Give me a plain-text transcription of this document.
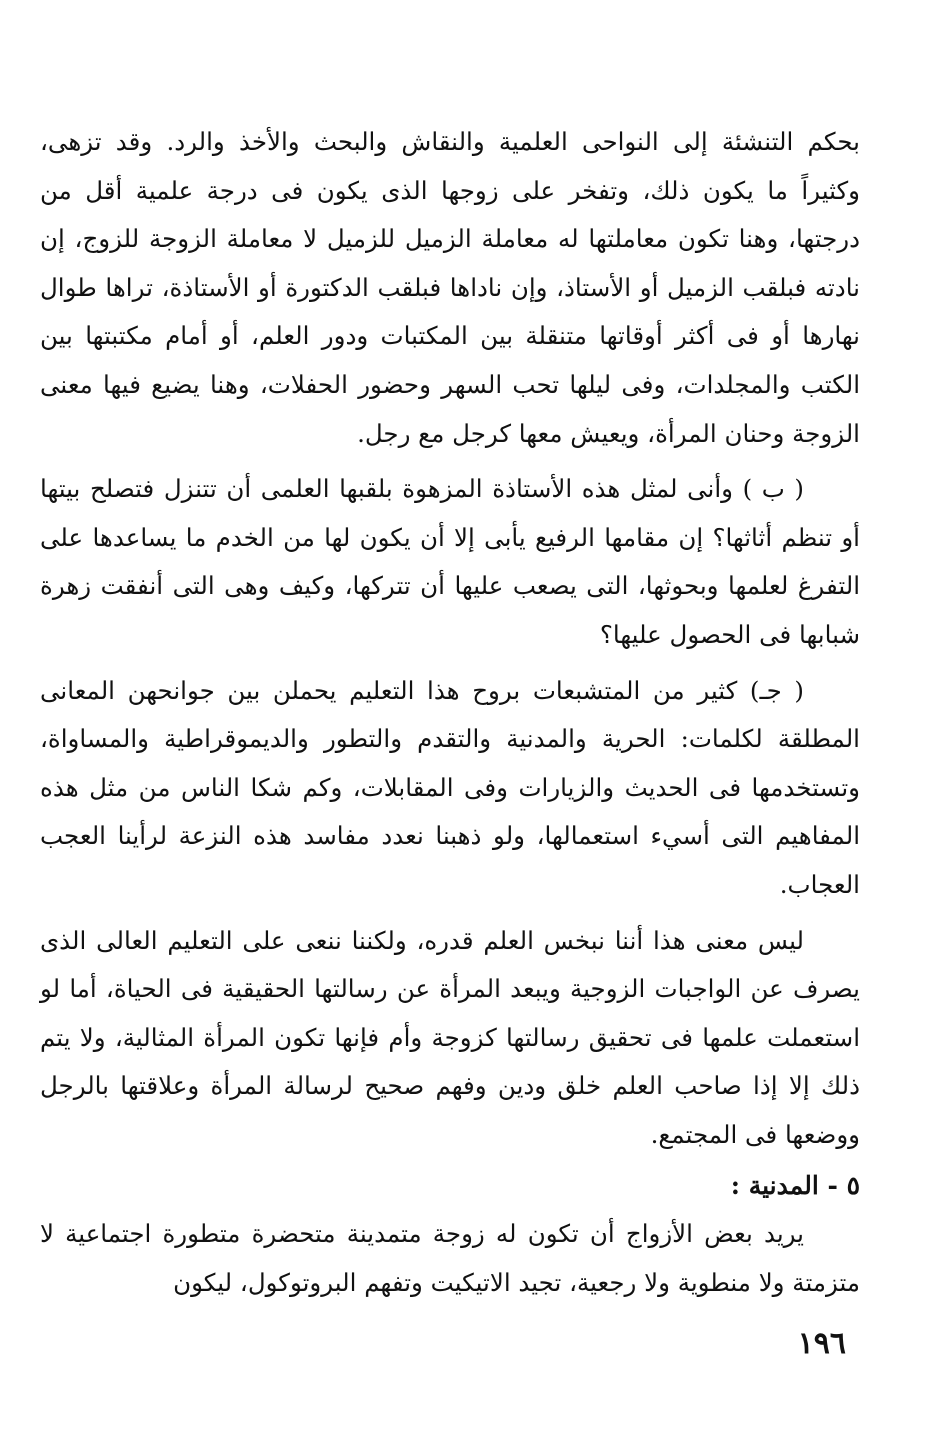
بحكم التنشئة إلى النواحى العلمية والنقاش والبحث والأخذ والرد. وقد تزهى، وكثيراً ما يكون ذلك، وتفخر على زوجها الذى يكون فى درجة علمية أقل من درجتها، وهنا تكون معاملتها له معاملة الزميل للزميل لا معاملة الزوجة للزوج، إن نادته فبلقب الزميل أو الأستاذ، وإن ناداها فبلقب الدكتورة أو الأستاذة، تراها طوال نهارها أو فى أكثر أوقاتها متنقلة بين المكتبات ودور العلم، أو أمام مكتبتها بين الكتب والمجلدات، وفى ليلها تحب السهر وحضور الحفلات، وهنا يضيع فيها معنى الزوجة وحنان المرأة، ويعيش معها كرجل مع رجل.

( ب ) وأنى لمثل هذه الأستاذة المزهوة بلقبها العلمى أن تتنزل فتصلح بيتها أو تنظم أثاثها؟ إن مقامها الرفيع يأبى إلا أن يكون لها من الخدم ما يساعدها على التفرغ لعلمها وبحوثها، التى يصعب عليها أن تتركها، وكيف وهى التى أنفقت زهرة شبابها فى الحصول عليها؟

( جـ) كثير من المتشبعات بروح هذا التعليم يحملن بين جوانحهن المعانى المطلقة لكلمات: الحرية والمدنية والتقدم والتطور والديموقراطية والمساواة، وتستخدمها فى الحديث والزيارات وفى المقابلات، وكم شكا الناس من مثل هذه المفاهيم التى أسيء استعمالها، ولو ذهبنا نعدد مفاسد هذه النزعة لرأينا العجب العجاب.

ليس معنى هذا أننا نبخس العلم قدره، ولكننا ننعى على التعليم العالى الذى يصرف عن الواجبات الزوجية ويبعد المرأة عن رسالتها الحقيقية فى الحياة، أما لو استعملت علمها فى تحقيق رسالتها كزوجة وأم فإنها تكون المرأة المثالية، ولا يتم ذلك إلا إذا صاحب العلم خلق ودين وفهم صحيح لرسالة المرأة وعلاقتها بالرجل ووضعها فى المجتمع.

٥ - المدنية :

يريد بعض الأزواج أن تكون له زوجة متمدينة متحضرة متطورة اجتماعية لا متزمتة ولا منطوية ولا رجعية، تجيد الاتيكيت وتفهم البروتوكول، ليكون

١٩٦
